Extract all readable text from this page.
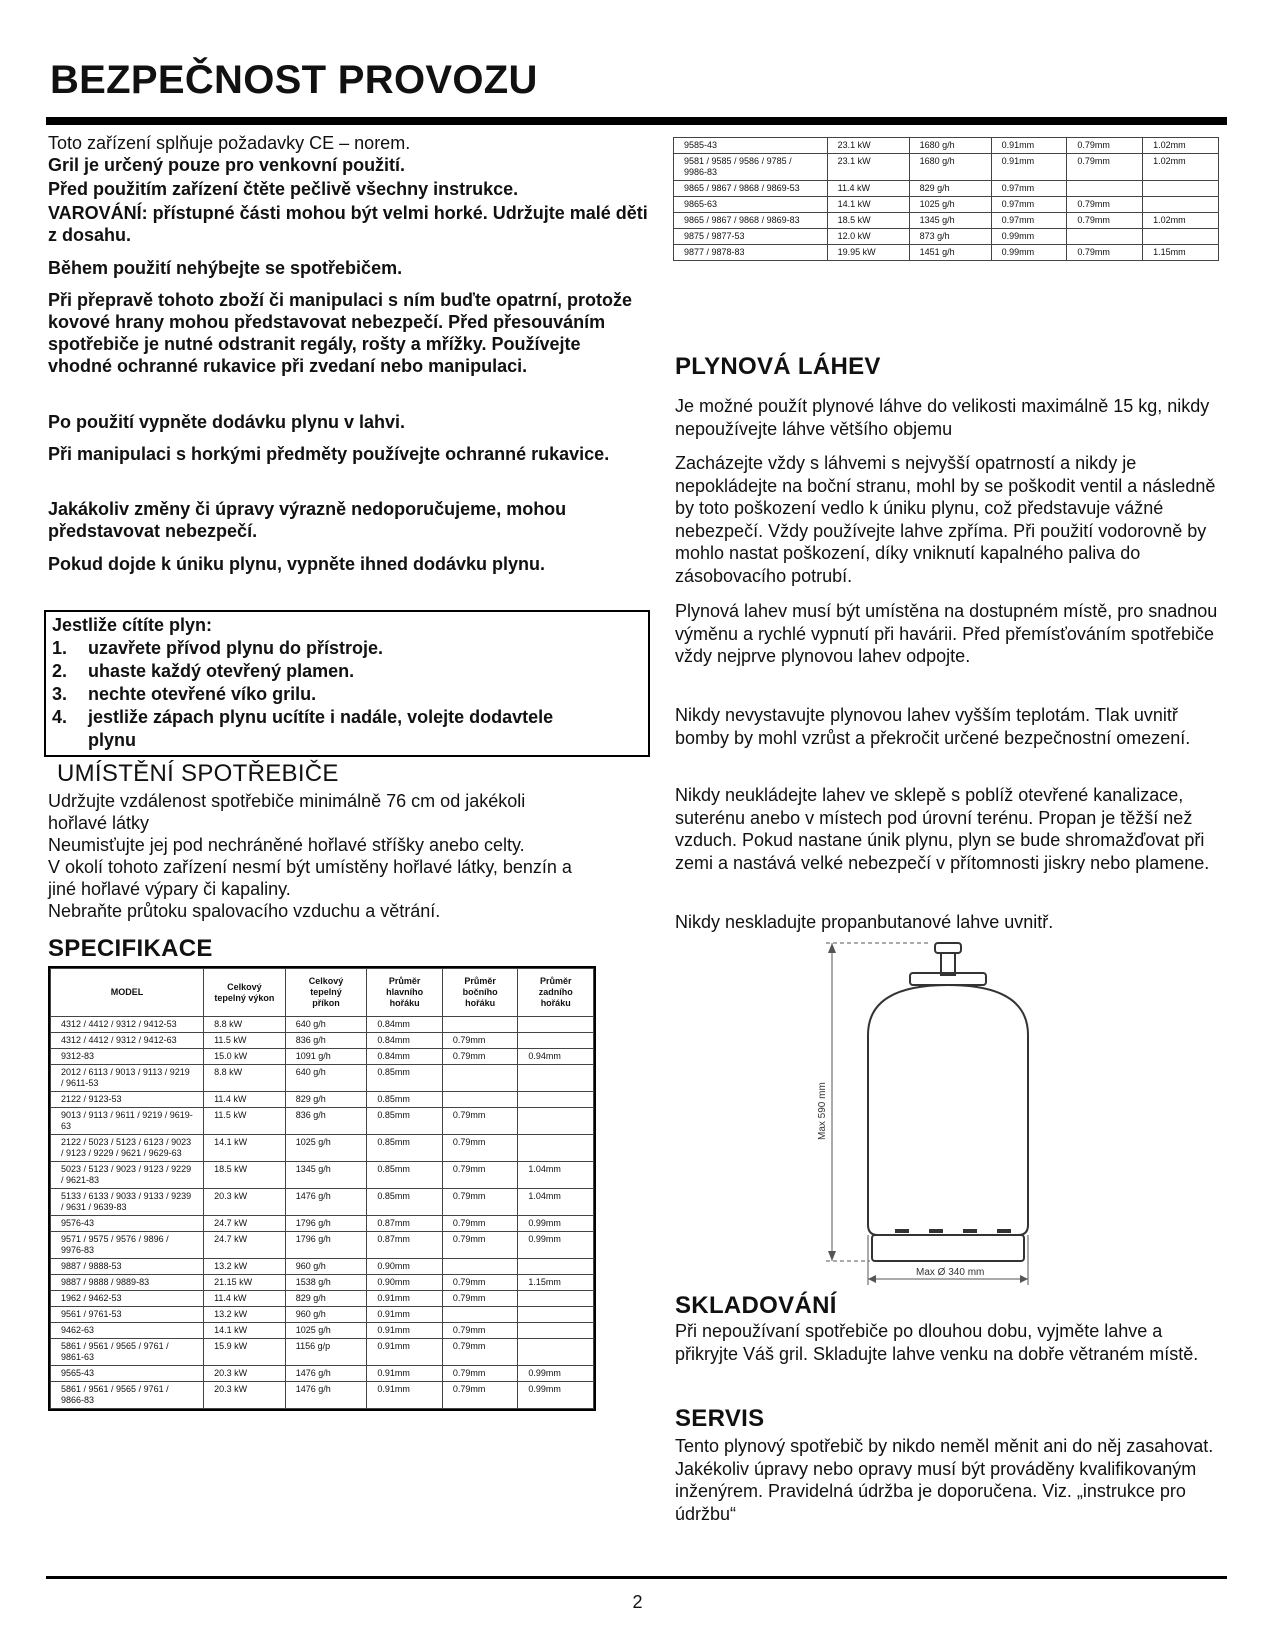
BEZPEČNOST PROVOZU
Toto zařízení splňuje požadavky CE – norem.
Gril je určený pouze pro venkovní použití.
Před použitím zařízení čtěte pečlivě všechny instrukce.
VAROVÁNÍ: přístupné části mohou být velmi horké. Udržujte malé děti z dosahu.
Během použití nehýbejte se spotřebičem.
Při přepravě tohoto zboží či manipulaci s ním buďte opatrní, protože kovové hrany mohou představovat nebezpečí. Před přesouváním spotřebiče je nutné odstranit regály, rošty a mřížky. Používejte vhodné ochranné rukavice při zvedaní nebo manipulaci.
Po použití vypněte dodávku plynu v lahvi.
Při manipulaci s horkými předměty používejte ochranné rukavice.
Jakákoliv změny či úpravy výrazně nedoporučujeme, mohou představovat nebezpečí.
Pokud dojde k úniku plynu, vypněte ihned dodávku plynu.
Jestliže cítíte plyn:
1. uzavřete přívod plynu do přístroje.
2. uhaste každý otevřený plamen.
3. nechte otevřené víko grilu.
4. jestliže zápach plynu ucítíte i nadále, volejte dodavtele
plynu
UMÍSTĚNÍ SPOTŘEBIČE
Udržujte vzdálenost spotřebiče minimálně 76 cm od jakékoli
hořlavé látky
Neumisťujte jej pod nechráněné hořlavé stříšky anebo celty.
V okolí tohoto zařízení nesmí být umístěny hořlavé látky, benzín a
jiné hořlavé výpary či kapaliny.
Nebraňte průtoku spalovacího vzduchu a větrání.
SPECIFIKACE
MODEL	Celkový tepelný výkon	Celkový tepelný příkon	Průměr hlavního hořáku	Průměr bočního hořáku	Průměr zadního hořáku
4312 / 4412 / 9312 / 9412-53	8.8 kW	640 g/h	0.84mm		
4312 / 4412 / 9312 / 9412-63	11.5 kW	836 g/h	0.84mm	0.79mm	
9312-83	15.0 kW	1091 g/h	0.84mm	0.79mm	0.94mm
2012 / 6113 / 9013 / 9113 / 9219 / 9611-53	8.8 kW	640 g/h	0.85mm		
2122 / 9123-53	11.4 kW	829 g/h	0.85mm		
9013 / 9113 / 9611 / 9219 / 9619-63	11.5 kW	836 g/h	0.85mm	0.79mm	
2122 / 5023 / 5123 / 6123 / 9023 / 9123 / 9229 / 9621 / 9629-63	14.1 kW	1025 g/h	0.85mm	0.79mm	
5023 / 5123 / 9023 / 9123 / 9229 / 9621-83	18.5 kW	1345 g/h	0.85mm	0.79mm	1.04mm
5133 / 6133 / 9033 / 9133 / 9239 / 9631 / 9639-83	20.3 kW	1476 g/h	0.85mm	0.79mm	1.04mm
9576-43	24.7 kW	1796 g/h	0.87mm	0.79mm	0.99mm
9571 / 9575 / 9576 / 9896 / 9976-83	24.7 kW	1796 g/h	0.87mm	0.79mm	0.99mm
9887 / 9888-53	13.2 kW	960 g/h	0.90mm		
9887 / 9888 / 9889-83	21.15 kW	1538 g/h	0.90mm	0.79mm	1.15mm
1962 / 9462-53	11.4 kW	829 g/h	0.91mm	0.79mm	
9561 / 9761-53	13.2 kW	960 g/h	0.91mm		
9462-63	14.1 kW	1025 g/h	0.91mm	0.79mm	
5861 / 9561 / 9565 / 9761 / 9861-63	15.9 kW	1156 g/p	0.91mm	0.79mm	
9565-43	20.3 kW	1476 g/h	0.91mm	0.79mm	0.99mm
5861 / 9561 / 9565 / 9761 / 9866-83	20.3 kW	1476 g/h	0.91mm	0.79mm	0.99mm
9585-43	23.1 kW	1680 g/h	0.91mm	0.79mm	1.02mm
9581 / 9585 / 9586 / 9785 / 9986-83	23.1 kW	1680 g/h	0.91mm	0.79mm	1.02mm
9865 / 9867 / 9868 / 9869-53	11.4 kW	829 g/h	0.97mm		
9865-63	14.1 kW	1025 g/h	0.97mm	0.79mm	
9865 / 9867 / 9868 / 9869-83	18.5 kW	1345 g/h	0.97mm	0.79mm	1.02mm
9875 / 9877-53	12.0 kW	873 g/h	0.99mm		
9877 / 9878-83	19.95 kW	1451 g/h	0.99mm	0.79mm	1.15mm
PLYNOVÁ LÁHEV
Je možné použít plynové láhve do velikosti maximálně 15 kg, nikdy nepoužívejte láhve většího objemu
Zacházejte vždy s láhvemi s nejvyšší opatrností a nikdy je nepokládejte na boční stranu, mohl by se poškodit ventil a následně by toto poškození vedlo k úniku plynu, což představuje vážné nebezpečí. Vždy používejte lahve zpříma. Při použití vodorovně by mohlo nastat poškození, díky vniknutí kapalného paliva do zásobovacího potrubí.
Plynová lahev musí být umístěna na dostupném místě, pro snadnou výměnu a rychlé vypnutí při havárii. Před přemísťováním spotřebiče vždy nejprve plynovou lahev odpojte.
Nikdy nevystavujte plynovou lahev vyšším teplotám. Tlak uvnitř bomby by mohl vzrůst a překročit určené bezpečnostní omezení.
Nikdy neukládejte lahev ve sklepě s poblíž otevřené kanalizace, suterénu anebo v místech pod úrovní terénu. Propan je těžší než vzduch. Pokud nastane únik plynu, plyn se bude shromažďovat při zemi a nastává velké nebezpečí v přítomnosti jiskry nebo plamene.
Nikdy neskladujte propanbutanové lahve uvnitř.
Max 590 mm
Max Ø 340 mm
SKLADOVÁNÍ
Při nepoužívaní spotřebiče po dlouhou dobu, vyjměte lahve a přikryjte Váš gril. Skladujte lahve venku na dobře větraném místě.
SERVIS
Tento plynový spotřebič by nikdo neměl měnit ani do něj zasahovat. Jakékoliv úpravy nebo opravy musí být prováděny kvalifikovaným inženýrem. Pravidelná údržba je doporučena. Viz. „instrukce pro údržbu“
2
